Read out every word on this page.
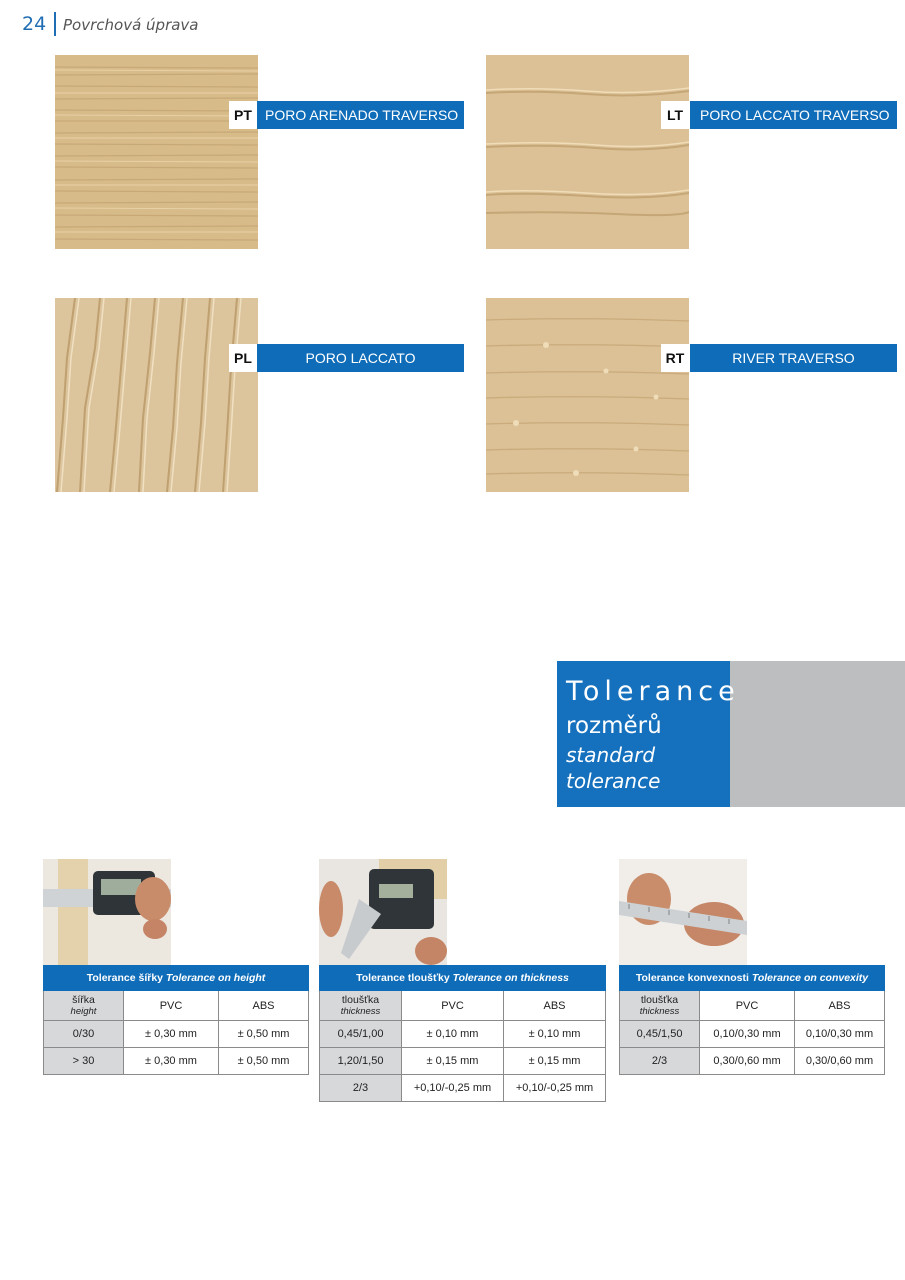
24 Povrchová úprava
PT PORO ARENADO TRAVERSO	LT	PORO LACCATO TRAVERSO
PL	PORO LACCATO	RT	RIVER TRAVERSO
Tolerance
rozměrů
standard
tolerance
Tolerance šířky Tolerance on height		

šířka
height	PVC	ABS
0/30	± 0,30 mm	± 0,50 mm
> 30	± 0,30 mm	± 0,50 mm
Tolerance tloušťky Tolerance on thickness		

tloušťka
thickness	PVC	ABS
0,45/1,00	± 0,10 mm	± 0,10 mm
1,20/1,50	± 0,15 mm	± 0,15 mm
2/3	+0,10/-0,25 mm	+0,10/-0,25 mm
Tolerance konvexnosti Tolerance on convexity		

tloušťka
thickness	PVC	ABS
0,45/1,50	0,10/0,30 mm	0,10/0,30 mm
2/3	0,30/0,60 mm	0,30/0,60 mm
